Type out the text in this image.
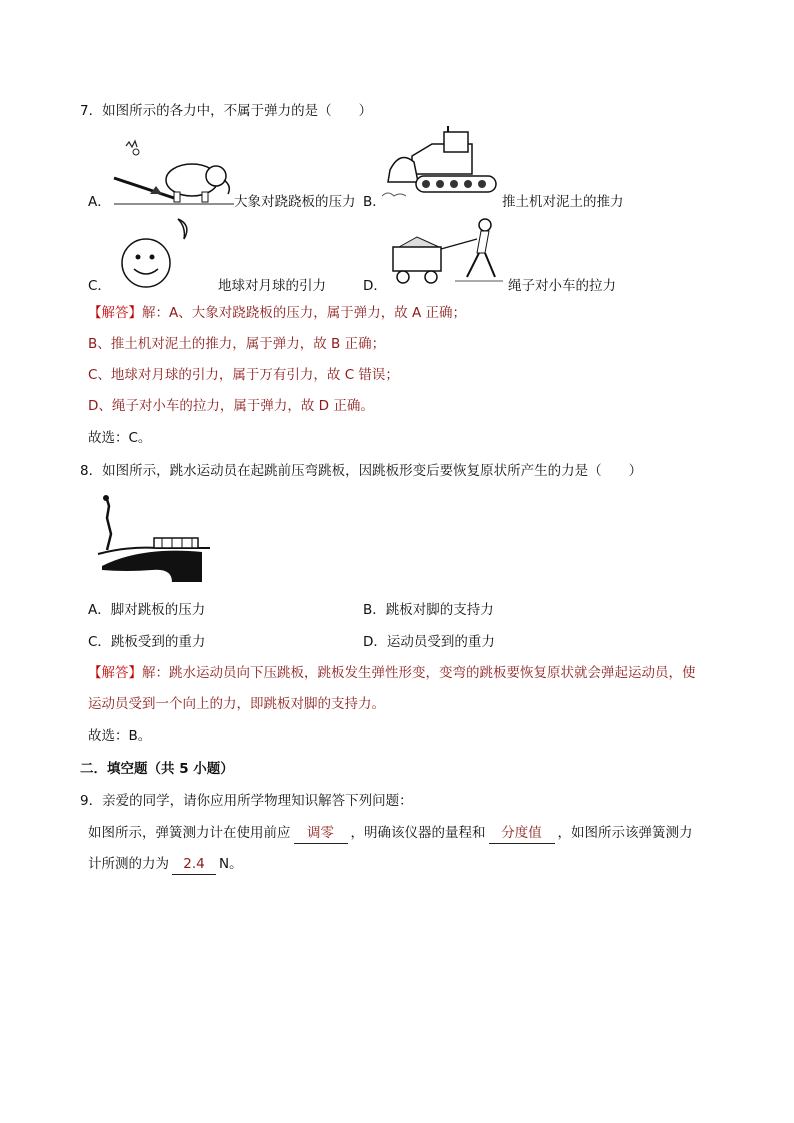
7．如图所示的各力中，不属于弹力的是（　　）
A．	大象对跷跷板的压力 B．	推土机对泥土的推力
C．	地球对月球的引力	D．	绳子对小车的拉力
【解答】解：A、大象对跷跷板的压力，属于弹力，故 A 正确；
B、推土机对泥土的推力，属于弹力，故 B 正确；
C、地球对月球的引力，属于万有引力，故 C 错误；
D、绳子对小车的拉力，属于弹力，故 D 正确。
故选：C。
8．如图所示，跳水运动员在起跳前压弯跳板，因跳板形变后要恢复原状所产生的力是（　　）
A．脚对跳板的压力	B．跳板对脚的支持力
C．跳板受到的重力	D．运动员受到的重力
【解答】解：跳水运动员向下压跳板，跳板发生弹性形变，变弯的跳板要恢复原状就会弹起运动员，使
运动员受到一个向上的力，即跳板对脚的支持力。
故选：B。
二．填空题（共 5 小题）
9．亲爱的同学，请你应用所学物理知识解答下列问题：
如图所示，弹簧测力计在使用前应 调零 ，明确该仪器的量程和 分度值 ，如图所示该弹簧测力
计所测的力为 2.4 N。
